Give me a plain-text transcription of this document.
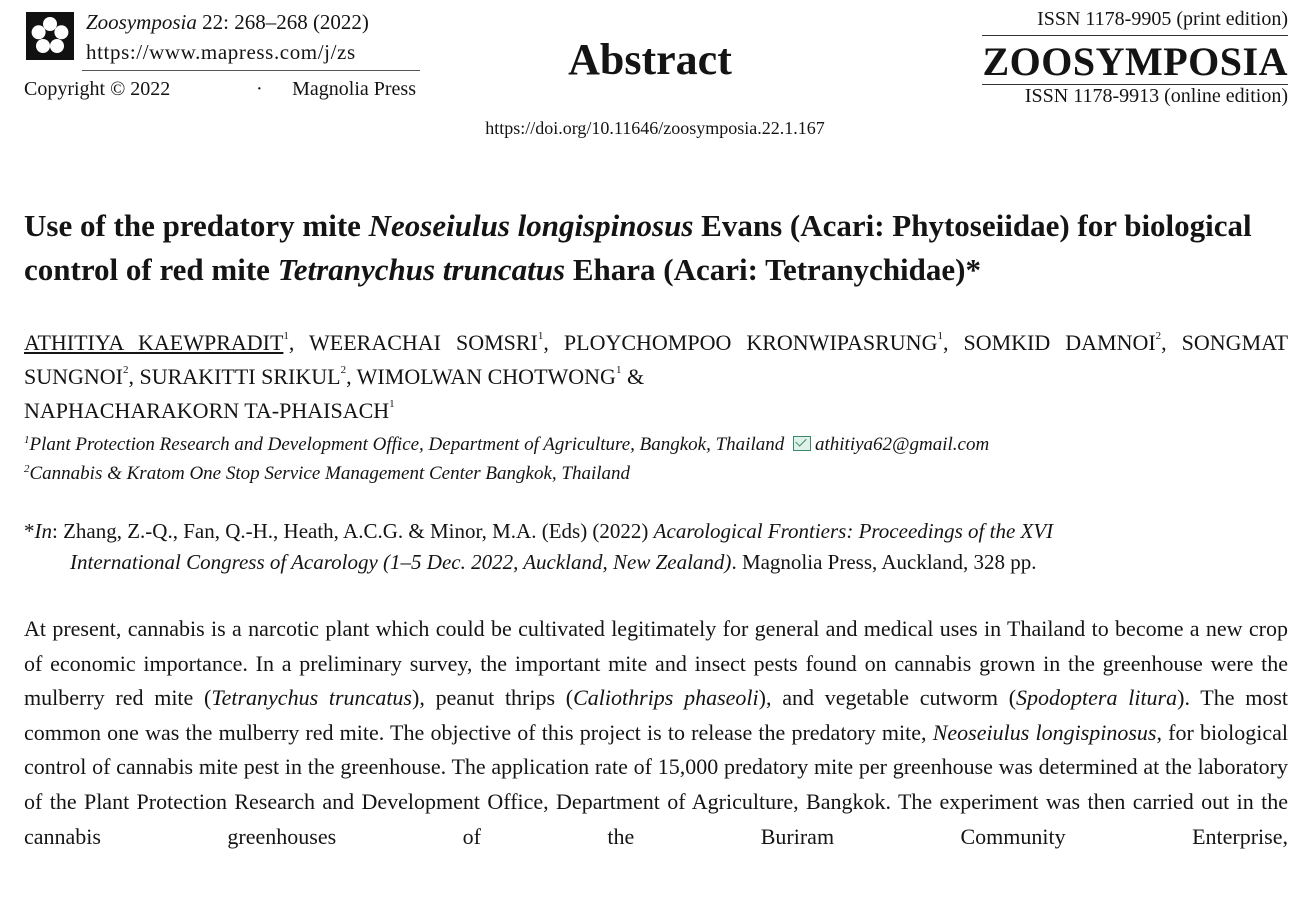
Zoosymposia 22: 268–268 (2022)
https://www.mapress.com/j/zs
Copyright © 2022	· Magnolia Press
Abstract
https://doi.org/10.11646/zoosymposia.22.1.167
ISSN 1178-9905 (print edition)
ZOOSYMPOSIA
ISSN 1178-9913 (online edition)
Use of the predatory mite Neoseiulus longispinosus Evans (Acari: Phytoseiidae) for biological control of red mite Tetranychus truncatus Ehara (Acari: Tetranychidae)*
ATHITIYA KAEWPRADIT$^1$, WEERACHAI SOMSRI$^1$, PLOYCHOMPOO KRONWIPASRUNG$^1$, SOMKID DAMNOI$^2$, SONGMAT SUNGNOI$^2$, SURAKITTI SRIKUL$^2$, WIMOLWAN CHOTWONG$^1$ &
NAPHACHARAKORN TA-PHAISACH$^1$
$^1$Plant Protection Research and Development Office, Department of Agriculture, Bangkok, Thailand athitiya62@gmail.com
$^2$Cannabis & Kratom One Stop Service Management Center Bangkok, Thailand
*In: Zhang, Z.-Q., Fan, Q.-H., Heath, A.C.G. & Minor, M.A. (Eds) (2022) Acarological Frontiers: Proceedings of the XVI
International Congress of Acarology (1–5 Dec. 2022, Auckland, New Zealand). Magnolia Press, Auckland, 328 pp.
At present, cannabis is a narcotic plant which could be cultivated legitimately for general and medical uses in Thailand to become a new crop of economic importance. In a preliminary survey, the important mite and insect pests found on cannabis grown in the greenhouse were the mulberry red mite (Tetranychus truncatus), peanut thrips (Caliothrips phaseoli), and vegetable cutworm (Spodoptera litura). The most common one was the mulberry red mite. The objective of this project is to release the predatory mite, Neoseiulus longispinosus, for biological control of cannabis mite pest in the greenhouse. The application rate of 15,000 predatory mite per greenhouse was determined at the laboratory of the Plant Protection Research and Development Office, Department of Agriculture, Bangkok. The experiment was then carried out in the cannabis greenhouses of the Buriram Community Enterprise,
